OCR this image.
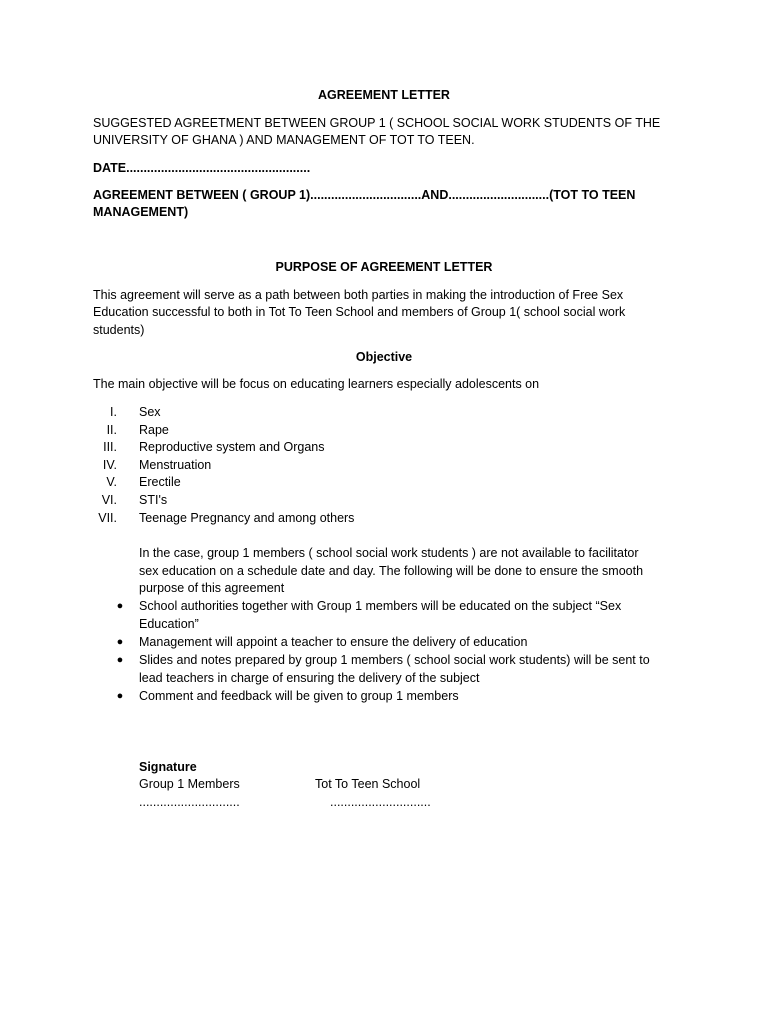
AGREEMENT LETTER
SUGGESTED AGREETMENT BETWEEN GROUP 1 ( SCHOOL SOCIAL WORK STUDENTS OF THE
UNIVERSITY OF GHANA ) AND MANAGEMENT OF TOT TO TEEN.
DATE.....................................................
AGREEMENT BETWEEN ( GROUP 1)................................AND.............................(TOT TO TEEN
MANAGEMENT)
PURPOSE OF AGREEMENT LETTER
This agreement will serve as a path between both parties in making the introduction of Free Sex
Education successful to both in Tot To Teen School and members of Group 1( school social work
students)
Objective
The main objective will be focus on educating learners especially adolescents on
I. Sex
II. Rape
III. Reproductive system and Organs
IV. Menstruation
V. Erectile
VI. STI's
VII. Teenage Pregnancy and among others
In the case, group 1 members ( school social work students ) are not available to facilitator
sex education on a schedule date and day. The following will be done to ensure the smooth
purpose of this agreement
● School authorities together with Group 1 members will be educated on the subject “Sex
Education”
● Management will appoint a teacher to ensure the delivery of education
● Slides and notes prepared by group 1 members ( school social work students) will be sent to
lead teachers in charge of ensuring the delivery of the subject
● Comment and feedback will be given to group 1 members
Signature
Group 1 Members	Tot To Teen School
.............................	.............................
